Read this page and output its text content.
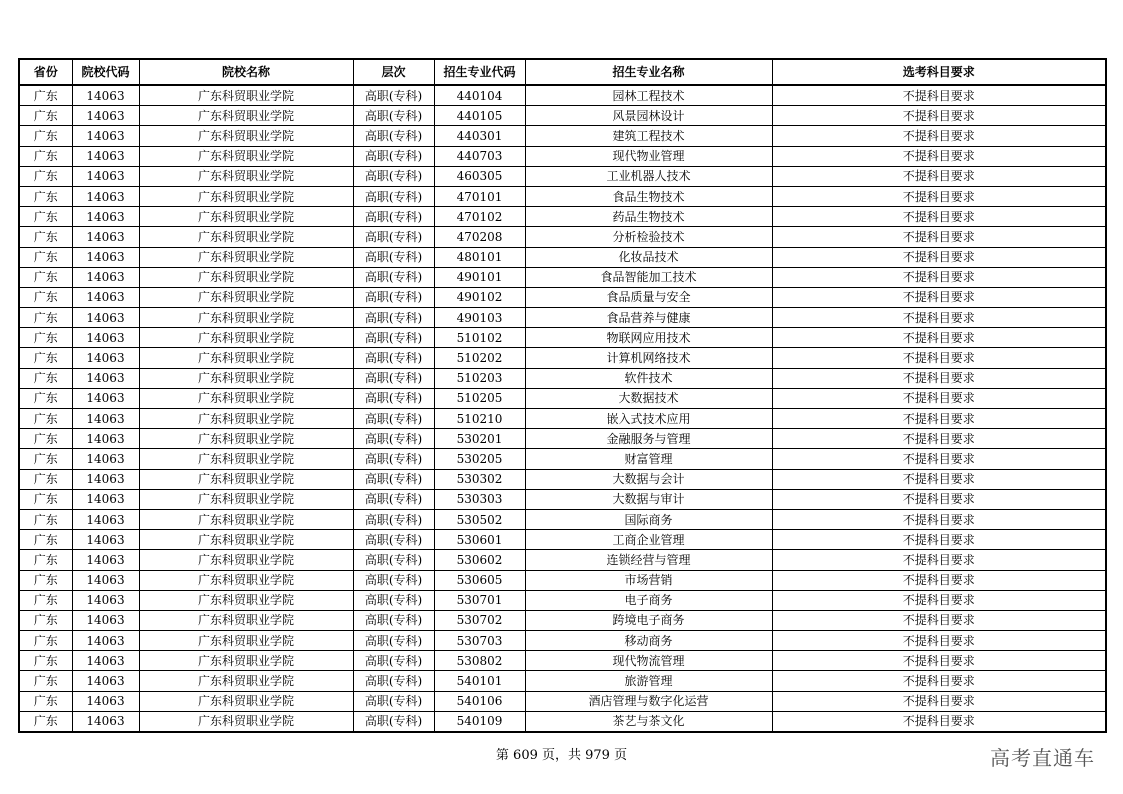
省份	院校代码	院校名称	层次	招生专业代码	招生专业名称	选考科目要求
广东	14063	广东科贸职业学院	高职(专科)	440104	园林工程技术	不提科目要求
广东	14063	广东科贸职业学院	高职(专科)	440105	风景园林设计	不提科目要求
广东	14063	广东科贸职业学院	高职(专科)	440301	建筑工程技术	不提科目要求
广东	14063	广东科贸职业学院	高职(专科)	440703	现代物业管理	不提科目要求
广东	14063	广东科贸职业学院	高职(专科)	460305	工业机器人技术	不提科目要求
广东	14063	广东科贸职业学院	高职(专科)	470101	食品生物技术	不提科目要求
广东	14063	广东科贸职业学院	高职(专科)	470102	药品生物技术	不提科目要求
广东	14063	广东科贸职业学院	高职(专科)	470208	分析检验技术	不提科目要求
广东	14063	广东科贸职业学院	高职(专科)	480101	化妆品技术	不提科目要求
广东	14063	广东科贸职业学院	高职(专科)	490101	食品智能加工技术	不提科目要求
广东	14063	广东科贸职业学院	高职(专科)	490102	食品质量与安全	不提科目要求
广东	14063	广东科贸职业学院	高职(专科)	490103	食品营养与健康	不提科目要求
广东	14063	广东科贸职业学院	高职(专科)	510102	物联网应用技术	不提科目要求
广东	14063	广东科贸职业学院	高职(专科)	510202	计算机网络技术	不提科目要求
广东	14063	广东科贸职业学院	高职(专科)	510203	软件技术	不提科目要求
广东	14063	广东科贸职业学院	高职(专科)	510205	大数据技术	不提科目要求
广东	14063	广东科贸职业学院	高职(专科)	510210	嵌入式技术应用	不提科目要求
广东	14063	广东科贸职业学院	高职(专科)	530201	金融服务与管理	不提科目要求
广东	14063	广东科贸职业学院	高职(专科)	530205	财富管理	不提科目要求
广东	14063	广东科贸职业学院	高职(专科)	530302	大数据与会计	不提科目要求
广东	14063	广东科贸职业学院	高职(专科)	530303	大数据与审计	不提科目要求
广东	14063	广东科贸职业学院	高职(专科)	530502	国际商务	不提科目要求
广东	14063	广东科贸职业学院	高职(专科)	530601	工商企业管理	不提科目要求
广东	14063	广东科贸职业学院	高职(专科)	530602	连锁经营与管理	不提科目要求
广东	14063	广东科贸职业学院	高职(专科)	530605	市场营销	不提科目要求
广东	14063	广东科贸职业学院	高职(专科)	530701	电子商务	不提科目要求
广东	14063	广东科贸职业学院	高职(专科)	530702	跨境电子商务	不提科目要求
广东	14063	广东科贸职业学院	高职(专科)	530703	移动商务	不提科目要求
广东	14063	广东科贸职业学院	高职(专科)	530802	现代物流管理	不提科目要求
广东	14063	广东科贸职业学院	高职(专科)	540101	旅游管理	不提科目要求
广东	14063	广东科贸职业学院	高职(专科)	540106	酒店管理与数字化运营	不提科目要求
广东	14063	广东科贸职业学院	高职(专科)	540109	茶艺与茶文化	不提科目要求
第 609 页，共 979 页	高考直通车
